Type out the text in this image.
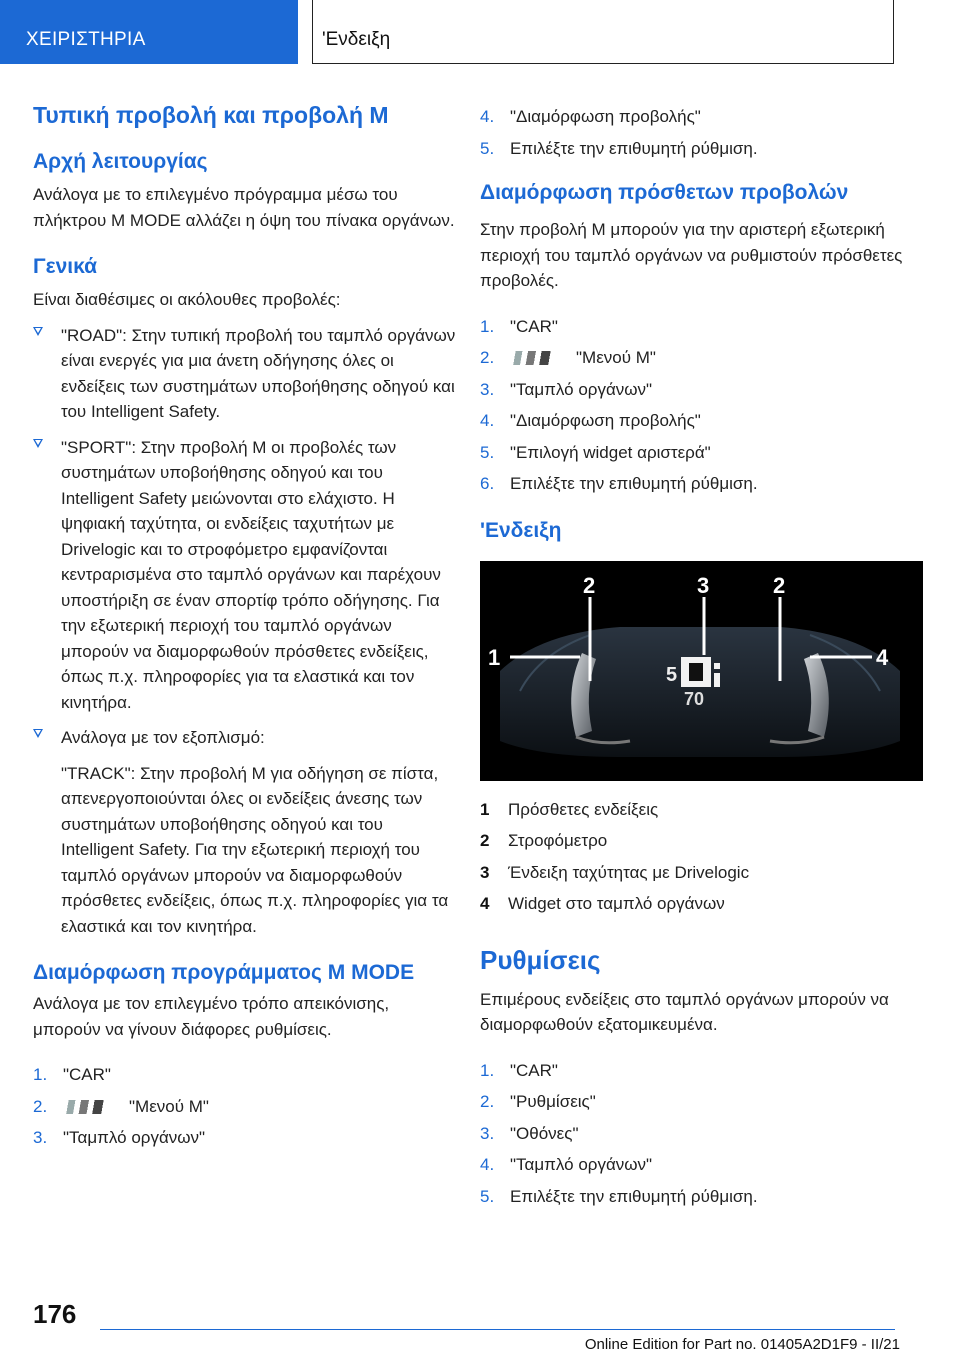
ΧΕΙΡΙΣΤΗΡΙΑ	'Ενδειξη
Τυπική προβολή και προβολή M
Αρχή λειτουργίας

Ανάλογα με το επιλεγμένο πρόγραμμα μέσω του πλήκτρου M MODE αλλάζει η όψη του πίνακα οργάνων.

Γενικά

Είναι διαθέσιμες οι ακόλουθες προβολές:

"ROAD": Στην τυπική προβολή του ταμπλό οργάνων είναι ενεργές για μια άνετη οδήγησης όλες οι ενδείξεις των συστημάτων υποβοήθησης οδηγού και του Intelligent Safety.
"SPORT": Στην προβολή M οι προβολές των συστημάτων υποβοήθησης οδηγού και του Intelligent Safety μειώνονται στο ελάχιστο. Η ψηφιακή ταχύτητα, οι ενδείξεις ταχυτήτων με Drivelogic και το στροφόμετρο εμφανίζονται κεντραρισμένα στο ταμπλό οργάνων και παρέχουν υποστήριξη σε έναν σπορτίφ τρόπο οδήγησης. Για την εξωτερική περιοχή του ταμπλό οργάνων μπορούν να διαμορφωθούν πρόσθετες ενδείξεις, όπως π.χ. πληροφορίες για τα ελαστικά και τον κινητήρα.
Ανάλογα με τον εξοπλισμό:
"TRACK": Στην προβολή M για οδήγηση σε πίστα, απενεργοποιούνται όλες οι ενδείξεις άνεσης των συστημάτων υποβοήθησης οδηγού και του Intelligent Safety. Για την εξωτερική περιοχή του ταμπλό οργάνων μπορούν να διαμορφωθούν πρόσθετες ενδείξεις, όπως π.χ. πληροφορίες για τα ελαστικά και τον κινητήρα.
Διαμόρφωση προγράμματος M MODE

Ανάλογα με τον επιλεγμένο τρόπο απεικόνισης, μπορούν να γίνουν διάφορες ρυθμίσεις.

1. "CAR"
2.	"Μενού M"
3. "Ταμπλό οργάνων"
4. "Διαμόρφωση προβολής"
5. Επιλέξτε την επιθυμητή ρύθμιση.
Διαμόρφωση πρόσθετων προβολών

Στην προβολή M μπορούν για την αριστερή εξωτερική περιοχή του ταμπλό οργάνων να ρυθμιστούν πρόσθετες προβολές.

1. "CAR"
2.	"Μενού M"
3. "Ταμπλό οργάνων"
4. "Διαμόρφωση προβολής"
5. "Επιλογή widget αριστερά"
6. Επιλέξτε την επιθυμητή ρύθμιση.
'Ενδειξη
1
2	3	2
4
5
70
1 Πρόσθετες ενδείξεις
2 Στροφόμετρο
3 Ένδειξη ταχύτητας με Drivelogic
4 Widget στο ταμπλό οργάνων
Ρυθμίσεις

Επιμέρους ενδείξεις στο ταμπλό οργάνων μπορούν να διαμορφωθούν εξατομικευμένα.

1. "CAR"
2. "Ρυθμίσεις"
3. "Οθόνες"
4. "Ταμπλό οργάνων"
5. Επιλέξτε την επιθυμητή ρύθμιση.
176
Online Edition for Part no. 01405A2D1F9 - II/21
